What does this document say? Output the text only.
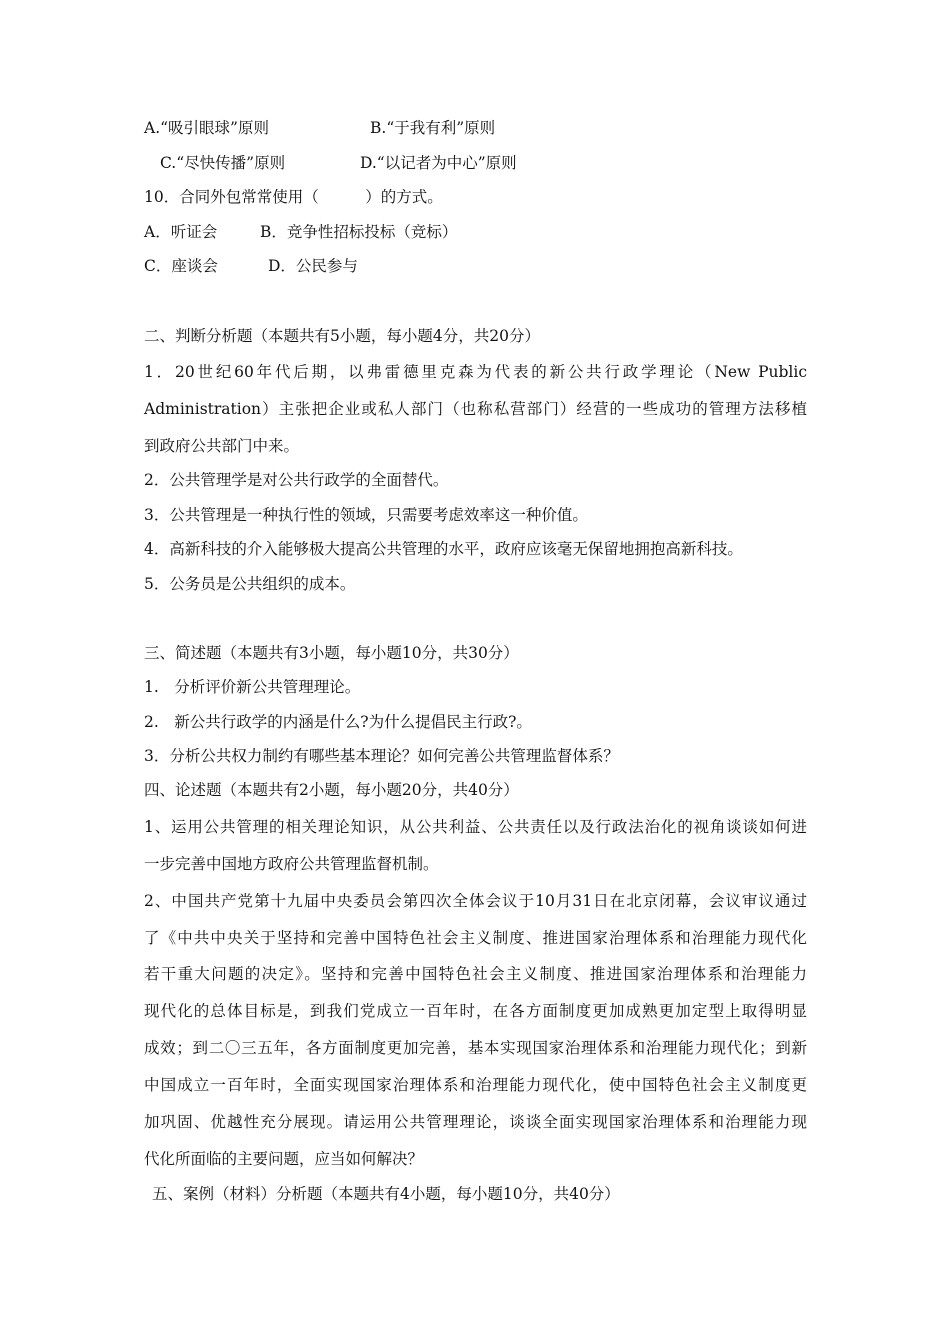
A.“吸引眼球”原则	B.“于我有利”原则
C.“尽快传播”原则	D.“以记者为中心”原则
10．合同外包常常使用（　　　）的方式。
A．听证会	B．竞争性招标投标（竞标）
C．座谈会	D．公民参与
二、判断分析题（本题共有5小题，每小题4分，共20分）
1．20世纪60年代后期，以弗雷德里克森为代表的新公共行政学理论（New Public
Administration）主张把企业或私人部门（也称私营部门）经营的一些成功的管理方法移植
到政府公共部门中来。
2．公共管理学是对公共行政学的全面替代。
3．公共管理是一种执行性的领域，只需要考虑效率这一种价值。
4．高新科技的介入能够极大提高公共管理的水平，政府应该毫无保留地拥抱高新科技。
5．公务员是公共组织的成本。
三、简述题（本题共有3小题，每小题10分，共30分）
1.　分析评价新公共管理理论。
2.　新公共行政学的内涵是什么?为什么提倡民主行政?。
3．分析公共权力制约有哪些基本理论？如何完善公共管理监督体系？
四、论述题（本题共有2小题，每小题20分，共40分）
1、运用公共管理的相关理论知识，从公共利益、公共责任以及行政法治化的视角谈谈如何进
一步完善中国地方政府公共管理监督机制。
2、中国共产党第十九届中央委员会第四次全体会议于10月31日在北京闭幕，会议审议通过
了《中共中央关于坚持和完善中国特色社会主义制度、推进国家治理体系和治理能力现代化
若干重大问题的决定》。坚持和完善中国特色社会主义制度、推进国家治理体系和治理能力
现代化的总体目标是，到我们党成立一百年时，在各方面制度更加成熟更加定型上取得明显
成效；到二〇三五年，各方面制度更加完善，基本实现国家治理体系和治理能力现代化；到新
中国成立一百年时，全面实现国家治理体系和治理能力现代化，使中国特色社会主义制度更
加巩固、优越性充分展现。请运用公共管理理论，谈谈全面实现国家治理体系和治理能力现
代化所面临的主要问题，应当如何解决？
五、案例（材料）分析题（本题共有4小题，每小题10分，共40分）
